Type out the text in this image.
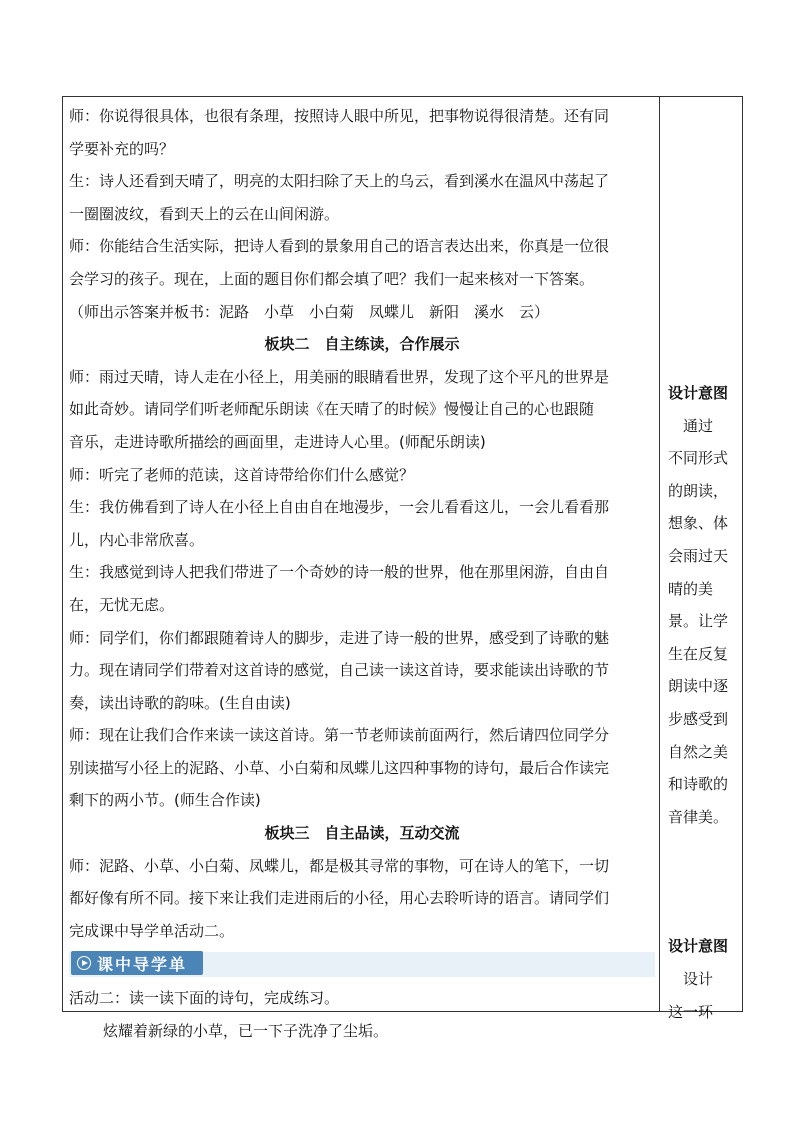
师：你说得很具体，也很有条理，按照诗人眼中所见，把事物说得很清楚。还有同
学要补充的吗？
生：诗人还看到天晴了，明亮的太阳扫除了天上的乌云，看到溪水在温风中荡起了
一圈圈波纹，看到天上的云在山间闲游。
师：你能结合生活实际，把诗人看到的景象用自己的语言表达出来，你真是一位很
会学习的孩子。现在，上面的题目你们都会填了吧？我们一起来核对一下答案。
（师出示答案并板书：泥路　小草　小白菊　凤蝶儿　新阳　溪水　云）
板块二　自主练读，合作展示
师：雨过天晴，诗人走在小径上，用美丽的眼睛看世界，发现了这个平凡的世界是
如此奇妙。请同学们听老师配乐朗读《在天晴了的时候》慢慢让自己的心也跟随
音乐，走进诗歌所描绘的画面里，走进诗人心里。(师配乐朗读)
师：听完了老师的范读，这首诗带给你们什么感觉？
生：我仿佛看到了诗人在小径上自由自在地漫步，一会儿看看这儿，一会儿看看那
儿，内心非常欣喜。
生：我感觉到诗人把我们带进了一个奇妙的诗一般的世界，他在那里闲游，自由自
在，无忧无虑。
师：同学们，你们都跟随着诗人的脚步，走进了诗一般的世界，感受到了诗歌的魅
力。现在请同学们带着对这首诗的感觉，自己读一读这首诗，要求能读出诗歌的节
奏，读出诗歌的韵味。(生自由读)
师：现在让我们合作来读一读这首诗。第一节老师读前面两行，然后请四位同学分
别读描写小径上的泥路、小草、小白菊和凤蝶儿这四种事物的诗句，最后合作读完
剩下的两小节。(师生合作读)
板块三　自主品读，互动交流
师：泥路、小草、小白菊、凤蝶儿，都是极其寻常的事物，可在诗人的笔下，一切
都好像有所不同。接下来让我们走进雨后的小径，用心去聆听诗的语言。请同学们
完成课中导学单活动二。
课中导学单
活动二：读一读下面的诗句，完成练习。
炫耀着新绿的小草，已一下子洗净了尘垢。
设计意图
　通过
不同形式
的朗读，
想象、体
会雨过天
晴的美
景。让学
生在反复
朗读中逐
步感受到
自然之美
和诗歌的
音律美。
设计意图
　设计
这一环
